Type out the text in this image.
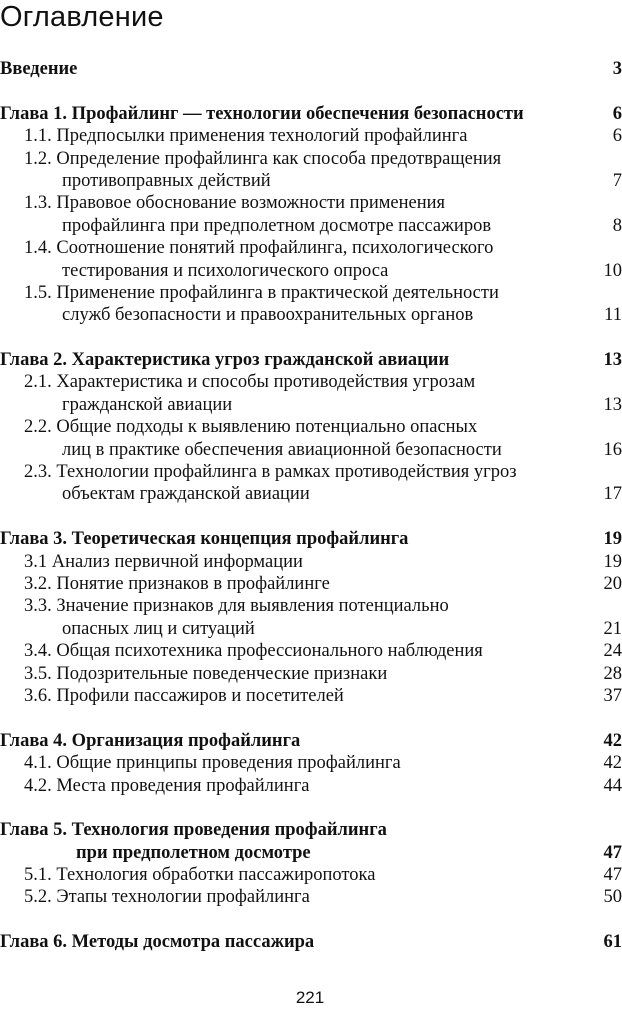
Оглавление
Введение	3
Глава 1. Профайлинг — технологии обеспечения безопасности	6
1.1. Предпосылки применения технологий профайлинга	6
1.2. Определение профайлинга как способа предотвращения
противоправных действий	7
1.3. Правовое обоснование возможности применения
профайлинга при предполетном досмотре пассажиров	8
1.4. Соотношение понятий профайлинга, психологического
тестирования и психологического опроса	10
1.5. Применение профайлинга в практической деятельности
служб безопасности и правоохранительных органов	11
Глава 2. Характеристика угроз гражданской авиации	13
2.1. Характеристика и способы противодействия угрозам
гражданской авиации	13
2.2. Общие подходы к выявлению потенциально опасных
лиц в практике обеспечения авиационной безопасности	16
2.3. Технологии профайлинга в рамках противодействия угроз
объектам гражданской авиации	17
Глава 3. Теоретическая концепция профайлинга	19
3.1 Анализ первичной информации	19
3.2. Понятие признаков в профайлинге	20
3.3. Значение признаков для выявления потенциально
опасных лиц и ситуаций	21
3.4. Общая психотехника профессионального наблюдения	24
3.5. Подозрительные поведенческие признаки	28
3.6. Профили пассажиров и посетителей	37
Глава 4. Организация профайлинга	42
4.1. Общие принципы проведения профайлинга	42
4.2. Места проведения профайлинга	44
Глава 5. Технология проведения профайлинга
при предполетном досмотре	47
5.1. Технология обработки пассажиропотока	47
5.2. Этапы технологии профайлинга	50
Глава 6. Методы досмотра пассажира	61
221
